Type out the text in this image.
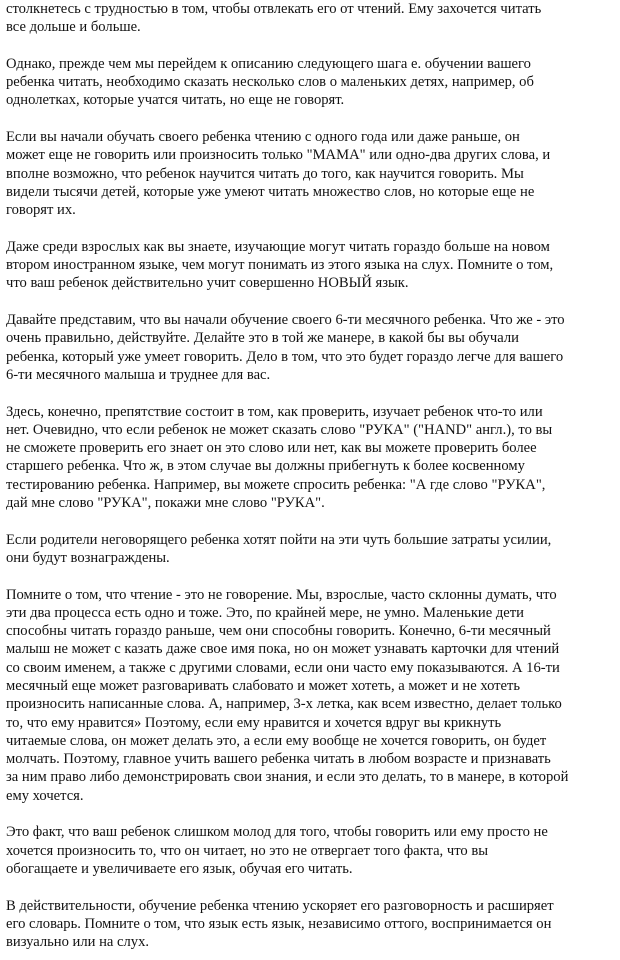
столкнетесь с трудностью в том, чтобы отвлекать его от чтений. Ему захочется читать
все дольше и больше.

Однако, прежде чем мы перейдем к описанию следующего шага е. обучении вашего
ребенка читать, необходимо сказать несколько слов о маленьких детях, например, об
однолетках, которые учатся читать, но еще не говорят.

Если вы начали обучать своего ребенка чтению с одного года или даже раньше, он
может еще не говорить или произносить только "МАМА" или одно-два других слова, и
вполне возможно, что ребенок научится читать до того, как научится говорить. Мы
видели тысячи детей, которые уже умеют читать множество слов, но которые еще не
говорят их.

Даже среди взрослых как вы знаете, изучающие могут читать гораздо больше на новом
втором иностранном языке, чем могут понимать из этого языка на слух. Помните о том,
что ваш ребенок действительно учит совершенно НОВЫЙ язык.

Давайте представим, что вы начали обучение своего 6-ти месячного ребенка. Что же - это
очень правильно, действуйте. Делайте это в той же манере, в какой бы вы обучали
ребенка, который уже умеет говорить. Дело в том, что это будет гораздо легче для вашего
6-ти месячного малыша и труднее для вас.

Здесь, конечно, препятствие состоит в том, как проверить, изучает ребенок что-то или
нет. Очевидно, что если ребенок не может сказать слово "РУКА" ("HAND" англ.), то вы
не сможете проверить его знает он это слово или нет, как вы можете проверить более
старшего ребенка. Что ж, в этом случае вы должны прибегнуть к более косвенному
тестированию ребенка. Например, вы можете спросить ребенка: "А где слово "РУКА",
дай мне слово "РУКА", покажи мне слово "РУКА".

Если родители неговорящего ребенка хотят пойти на эти чуть большие затраты усилии,
они будут вознаграждены.

Помните о том, что чтение - это не говорение. Мы, взрослые, часто склонны думать, что
эти два процесса есть одно и тоже. Это, по крайней мере, не умно. Маленькие дети
способны читать гораздо раньше, чем они способны говорить. Конечно, 6-ти месячный
малыш не может с казать даже свое имя пока, но он может узнавать карточки для чтений
со своим именем, а также с другими словами, если они часто ему показываются. А 16-ти
месячный еще может разговаривать слабовато и может хотеть, а может и не хотеть
произносить написанные слова. А, например, 3-х летка, как всем известно, делает только
то, что ему нравится» Поэтому, если ему нравится и хочется вдруг вы крикнуть
читаемые слова, он может делать это, а если ему вообще не хочется говорить, он будет
молчать. Поэтому, главное учить вашего ребенка читать в любом возрасте и признавать
за ним право либо демонстрировать свои знания, и если это делать, то в манере, в которой
ему хочется.

Это факт, что ваш ребенок слишком молод для того, чтобы говорить или ему просто не
хочется произносить то, что он читает, но это не отвергает того факта, что вы
обогащаете и увеличиваете его язык, обучая его читать.

В действительности, обучение ребенка чтению ускоряет его разговорность и расширяет
его словарь. Помните о том, что язык есть язык, независимо оттого, воспринимается он
визуально или на слух.
